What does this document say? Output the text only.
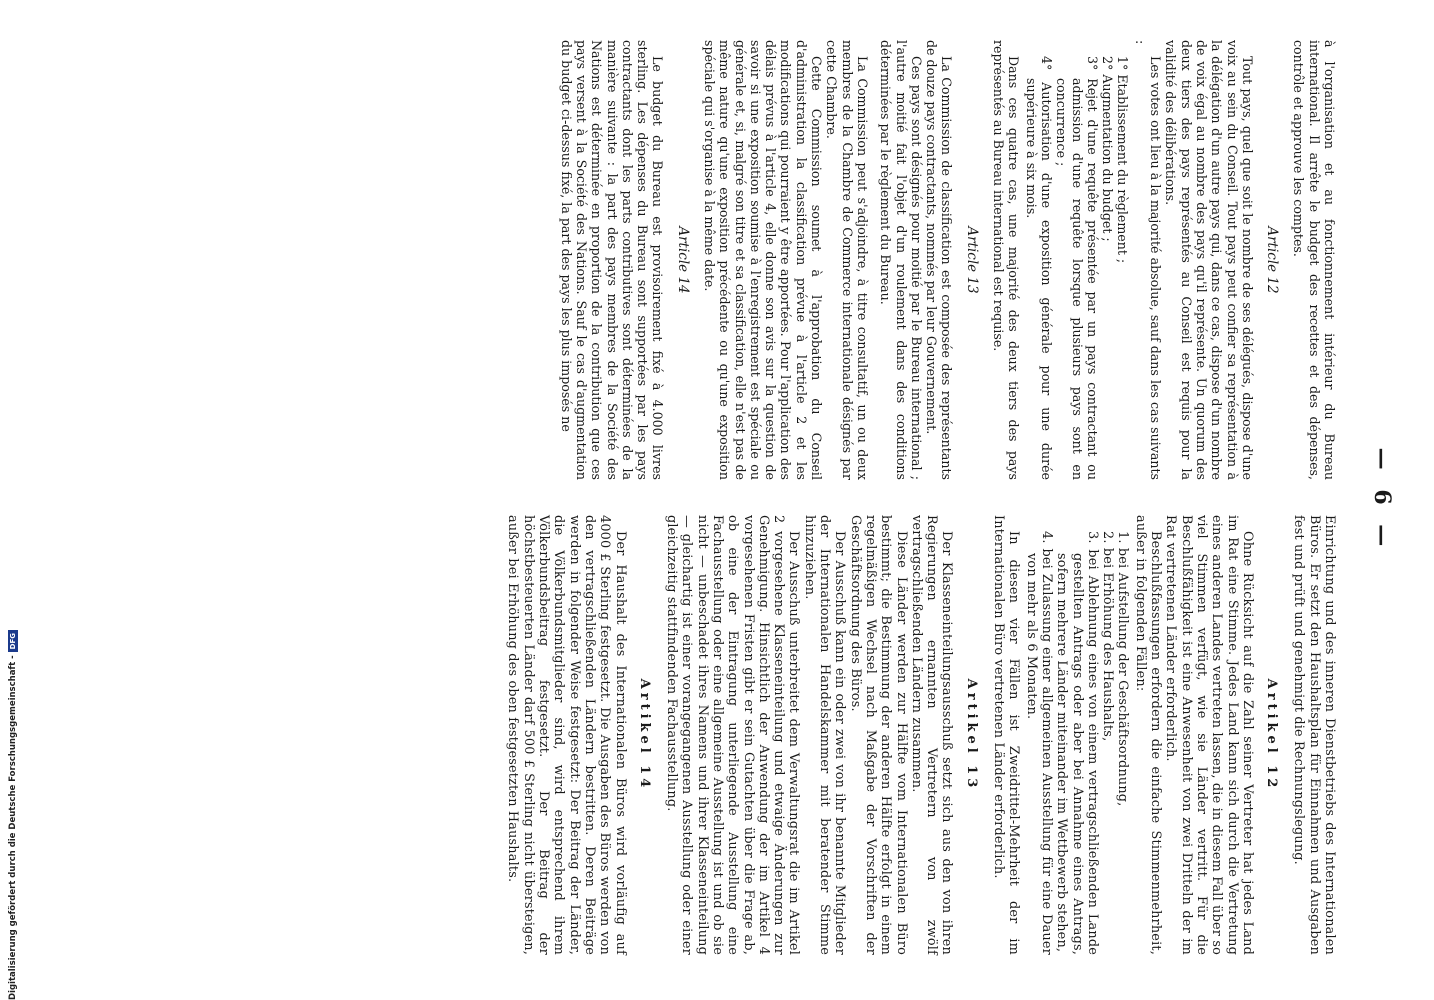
— 6 —

à l'organisation et au fonctionnement intérieur du Bureau international. Il arrête le budget des recettes et des dépenses, contrôle et approuve les comptes.

Article 12

Tout pays, quel que soit le nombre de ses délégués, dispose d'une voix au sein du Conseil. Tout pays peut confier sa représentation à la délégation d'un autre pays qui, dans ce cas, dispose d'un nombre de voix égal au nombre des pays qu'il représente. Un quorum des deux tiers des pays représentés au Conseil est requis pour la validité des délibérations.

Les votes ont lieu à la majorité absolue, sauf dans les cas suivants :

1° Etablissement du règlement ;
2° Augmentation du budget ;
3° Rejet d'une requête présentée par un pays contractant ou admission d'une requête lorsque plusieurs pays sont en concurrence ;
4° Autorisation d'une exposition générale pour une durée supérieure à six mois.

Dans ces quatre cas, une majorité des deux tiers des pays représentés au Bureau international est requise.

Article 13

La Commission de classification est composée des représentants de douze pays contractants, nommés par leur Gouvernement.

Ces pays sont désignés pour moitié par le Bureau international ; l'autre moitié fait l'objet d'un roulement dans des conditions déterminées par le règlement du Bureau.

La Commission peut s'adjoindre, à titre consultatif, un ou deux membres de la Chambre de Commerce internationale désignés par cette Chambre.

Cette Commission soumet à l'approbation du Conseil d'administration la classification prévue à l'article 2 et les modifications qui pourraient y être apportées. Pour l'application des délais prévus à l'article 4, elle donne son avis sur la question de savoir si une exposition soumise à l'enregistrement est spéciale ou générale et, si, malgré son titre et sa classification, elle n'est pas de même nature qu'une exposition précédente ou qu'une exposition spéciale qui s'organise à la même date.

Article 14

Le budget du Bureau est provisoirement fixé à 4.000 livres sterling. Les dépenses du Bureau sont supportées par les pays contractants dont les parts contributives sont déterminées de la manière suivante : la part des pays membres de la Société des Nations est déterminée en proportion de la contribution que ces pays versent à la Société des Nations. Sauf le cas d'augmentation du budget ci-dessus fixé, la part des pays les plus imposés ne

Einrichtung und des inneren Dienstbetriebs des Internationalen Büros. Er setzt den Haushaltsplan für Einnahmen und Ausgaben fest und prüft und genehmigt die Rechnungslegung.

Artikel 12

Ohne Rücksicht auf die Zahl seiner Vertreter hat jedes Land im Rat eine Stimme. Jedes Land kann sich durch die Vertretung eines anderen Landes vertreten lassen, die in diesem Fall über so viel Stimmen verfügt, wie sie Länder vertritt. Für die Beschlußfähigkeit ist eine Anwesenheit von zwei Dritteln der im Rat vertretenen Länder erforderlich.

Beschlußfassungen erfordern die einfache Stimmenmehrheit, außer in folgenden Fällen:

1. bei Aufstellung der Geschäftsordnung,
2. bei Erhöhung des Haushalts,
3. bei Ablehnung eines von einem vertragschließenden Lande gestellten Antrags oder aber bei Annahme eines Antrags, sofern mehrere Länder miteinander im Wettbewerb stehen,
4. bei Zulassung einer allgemeinen Ausstellung für eine Dauer von mehr als 6 Monaten.

In diesen vier Fällen ist Zweidrittel-Mehrheit der im Internationalen Büro vertretenen Länder erforderlich.

Artikel 13

Der Klasseneinteilungsausschuß setzt sich aus den von ihren Regierungen ernannten Vertretern von zwölf vertragschließenden Ländern zusammen.

Diese Länder werden zur Hälfte vom Internationalen Büro bestimmt; die Bestimmung der anderen Hälfte erfolgt in einem regelmäßigen Wechsel nach Maßgabe der Vorschriften der Geschäftsordnung des Büros.

Der Ausschuß kann ein oder zwei von ihr benannte Mitglieder der Internationalen Handelskammer mit beratender Stimme hinzuziehen.

Der Ausschuß unterbreitet dem Verwaltungsrat die im Artikel 2 vorgesehene Klasseneinteilung und etwaige Änderungen zur Genehmigung. Hinsichtlich der Anwendung der im Artikel 4 vorgesehenen Fristen gibt er sein Gutachten über die Frage ab, ob eine der Eintragung unterliegende Ausstellung eine Fachausstellung oder eine allgemeine Ausstellung ist und ob sie nicht — unbeschadet ihres Namens und ihrer Klasseneinteilung — gleichartig ist einer vorangegangenen Ausstellung oder einer gleichzeitig stattfindenden Fachausstellung.

Artikel 14

Der Haushalt des Internationalen Büros wird vorläufig auf 4000 £ Sterling festgesetzt. Die Ausgaben des Büros werden von den vertragschließenden Ländern bestritten. Deren Beiträge werden in folgender Weise festgesetzt: Der Beitrag der Länder, die Völkerbundsmitglieder sind, wird entsprechend ihrem Völkerbundsbeitrag festgesetzt. Der Beitrag der höchstbesteuerten Länder darf 500 £ Sterling nicht übersteigen, außer bei Erhöhung des oben festgesetzten Haushalts.

Digitalisierung gefördert durch die Deutsche Forschungsgemeinschaft -DFG
